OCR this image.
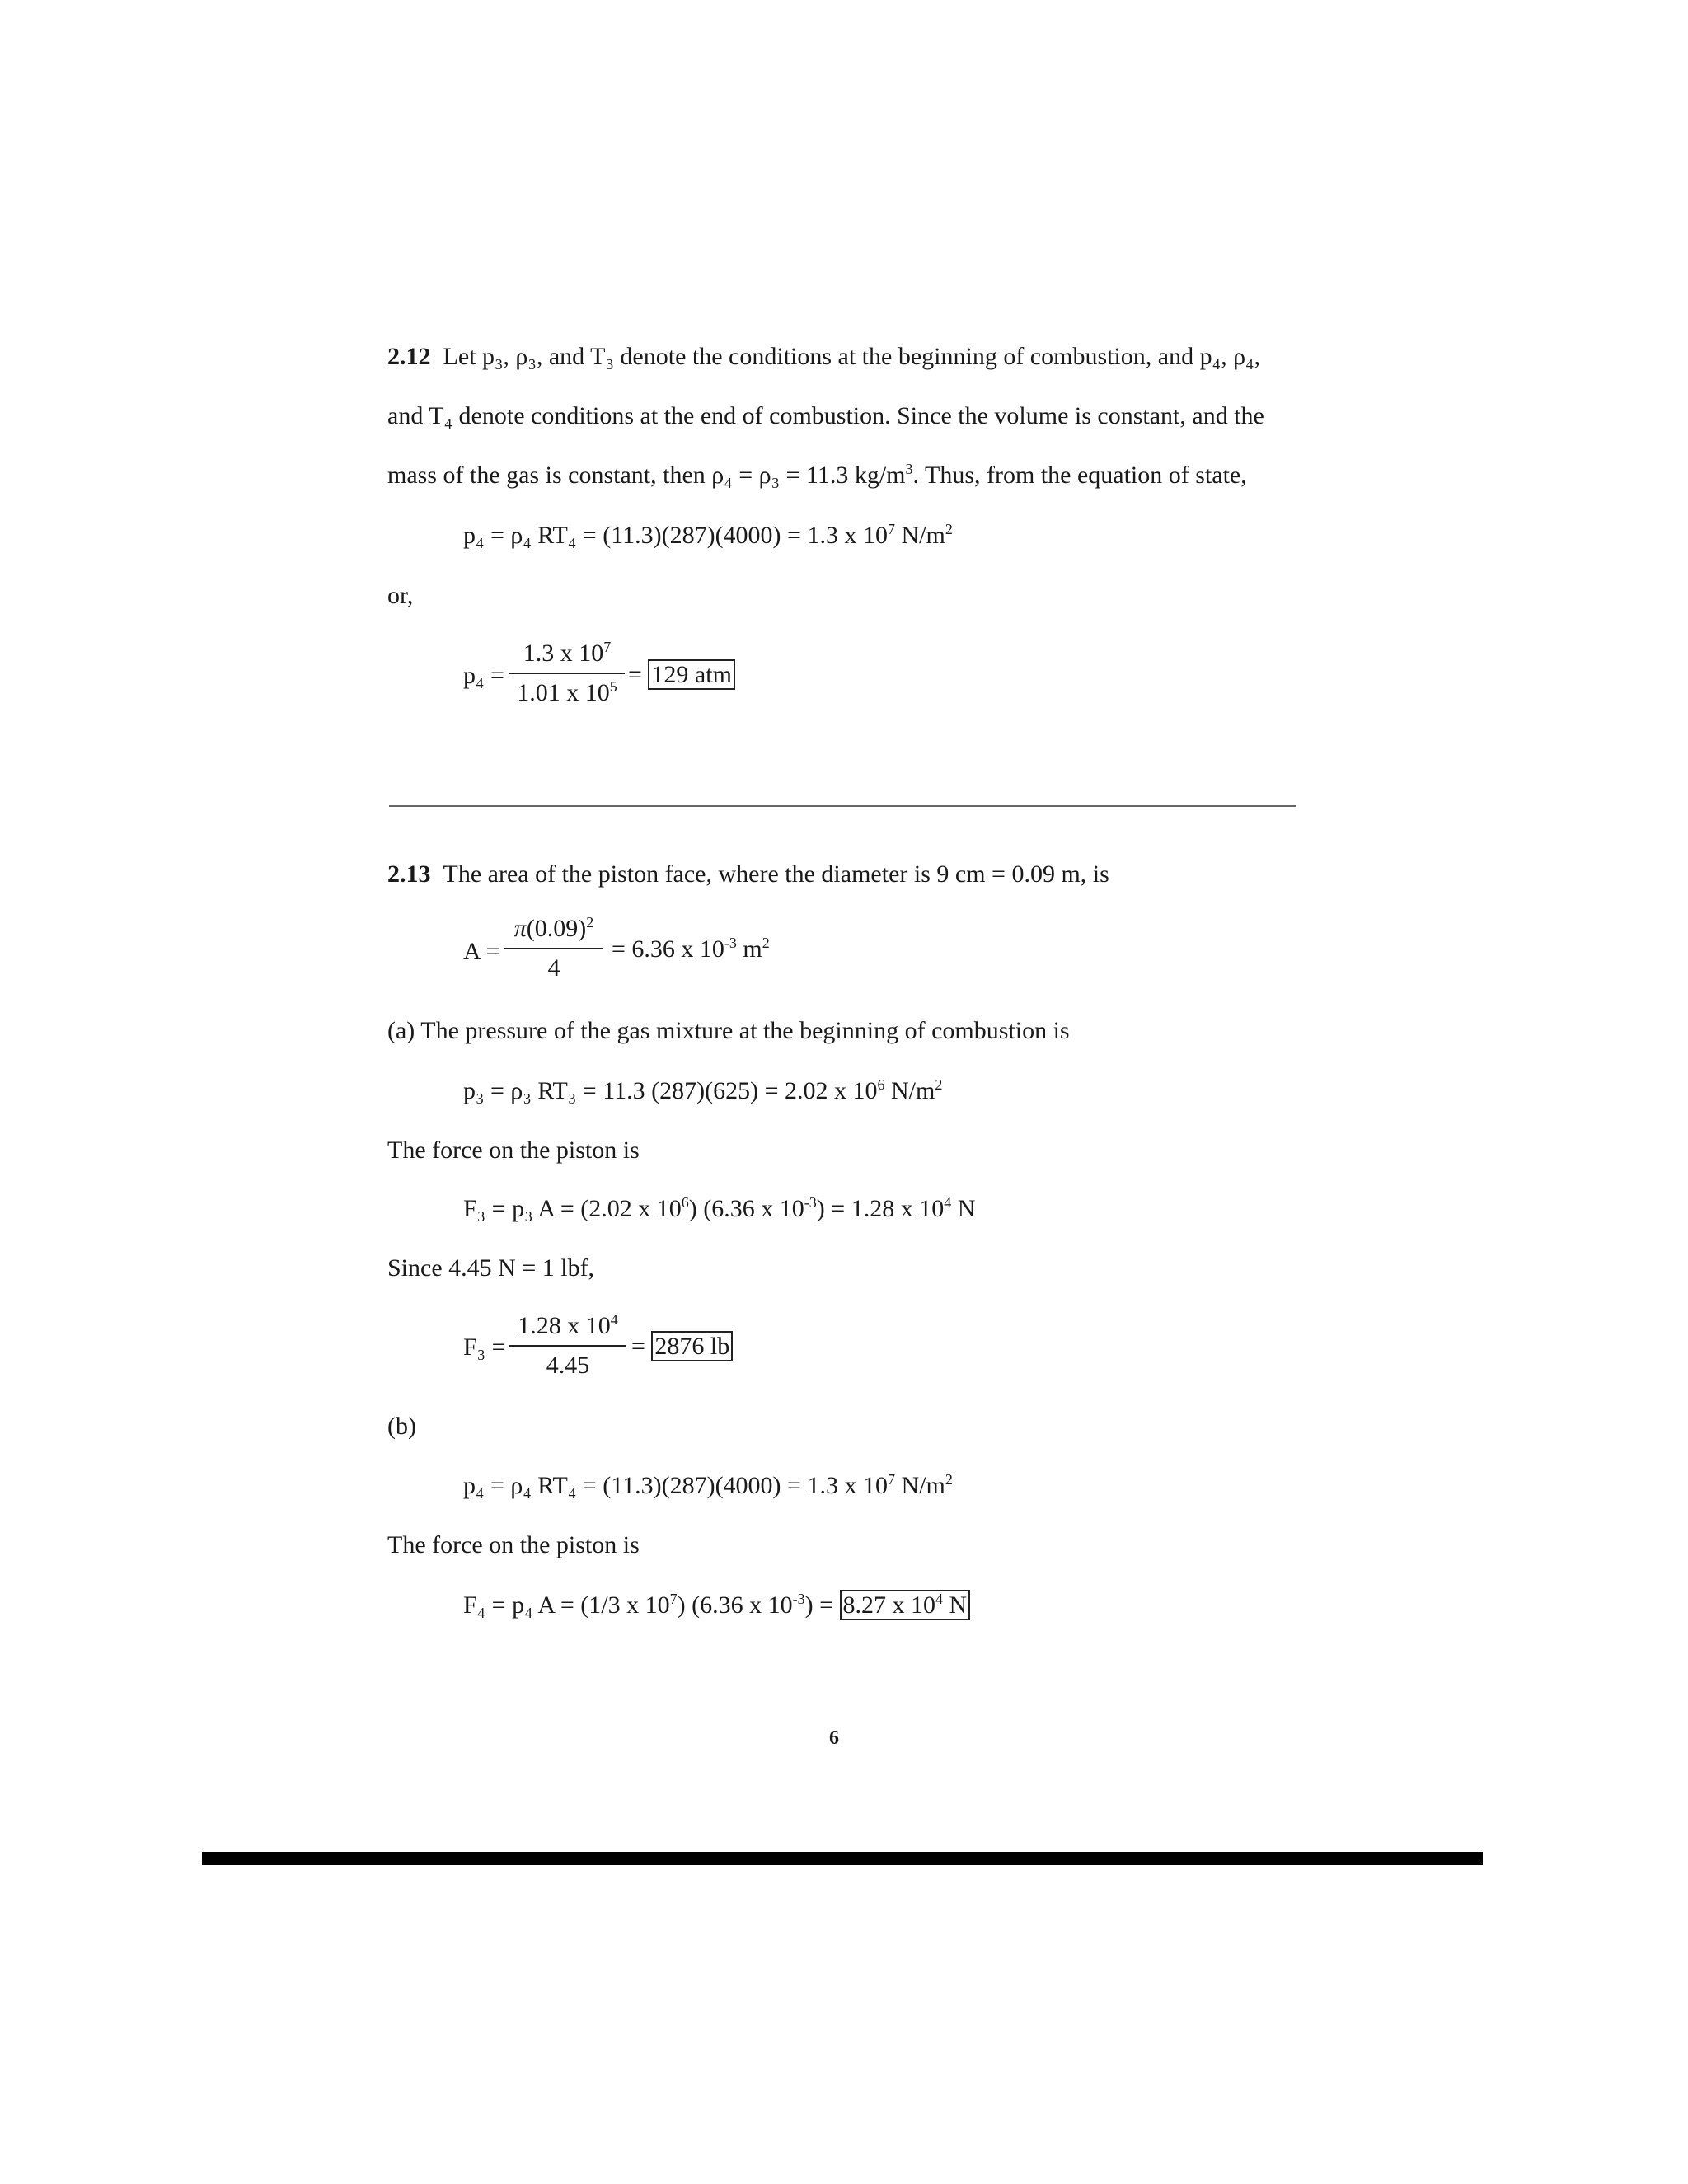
2.12 Let p₃, ρ₃, and T₃ denote the conditions at the beginning of combustion, and p₄, ρ₄,
and T₄ denote conditions at the end of combustion. Since the volume is constant, and the
mass of the gas is constant, then ρ₄ = ρ₃ = 11.3 $kg/m^3$. Thus, from the equation of state,
p₄ = ρ₄ RT₄ = (11.3)(287)(4000) = 1.3 x $10^7$ $N/m^2$
or,
p₄ =
1.3 x $10^7$
1.01 x $10^5 = 129$ atm
2.13 The area of the piston face, where the diameter is 9 cm = 0.09 m, is
A =
$\pi(0.09)^2$
4
= 6.36 x $10^{-3}$ $m^2$
(a) The pressure of the gas mixture at the beginning of combustion is
p₃ = ρ₃ RT₃ = 11.3 (287)(625) = 2.02 x $10^6$ $N/m^2$
The force on the piston is
F₃ = p₃ A = (2.02 x $10^6$) (6.36 x $10^{-3}) = 1.28$ x $10^4$ N
Since 4.45 N = 1 lbf,
F₃ =
1.28 x $10^4$
4.45
= 2876 lb
(b)
p₄ = ρ₄ RT₄ = (11.3)(287)(4000) = 1.3 x $10^7$ $N/m^2$
The force on the piston is
F₄ = p₄ A = (1/3 x $10^7$) (6.36 x $10^{-3}) = 8.27$ x $10^4$ N
6
